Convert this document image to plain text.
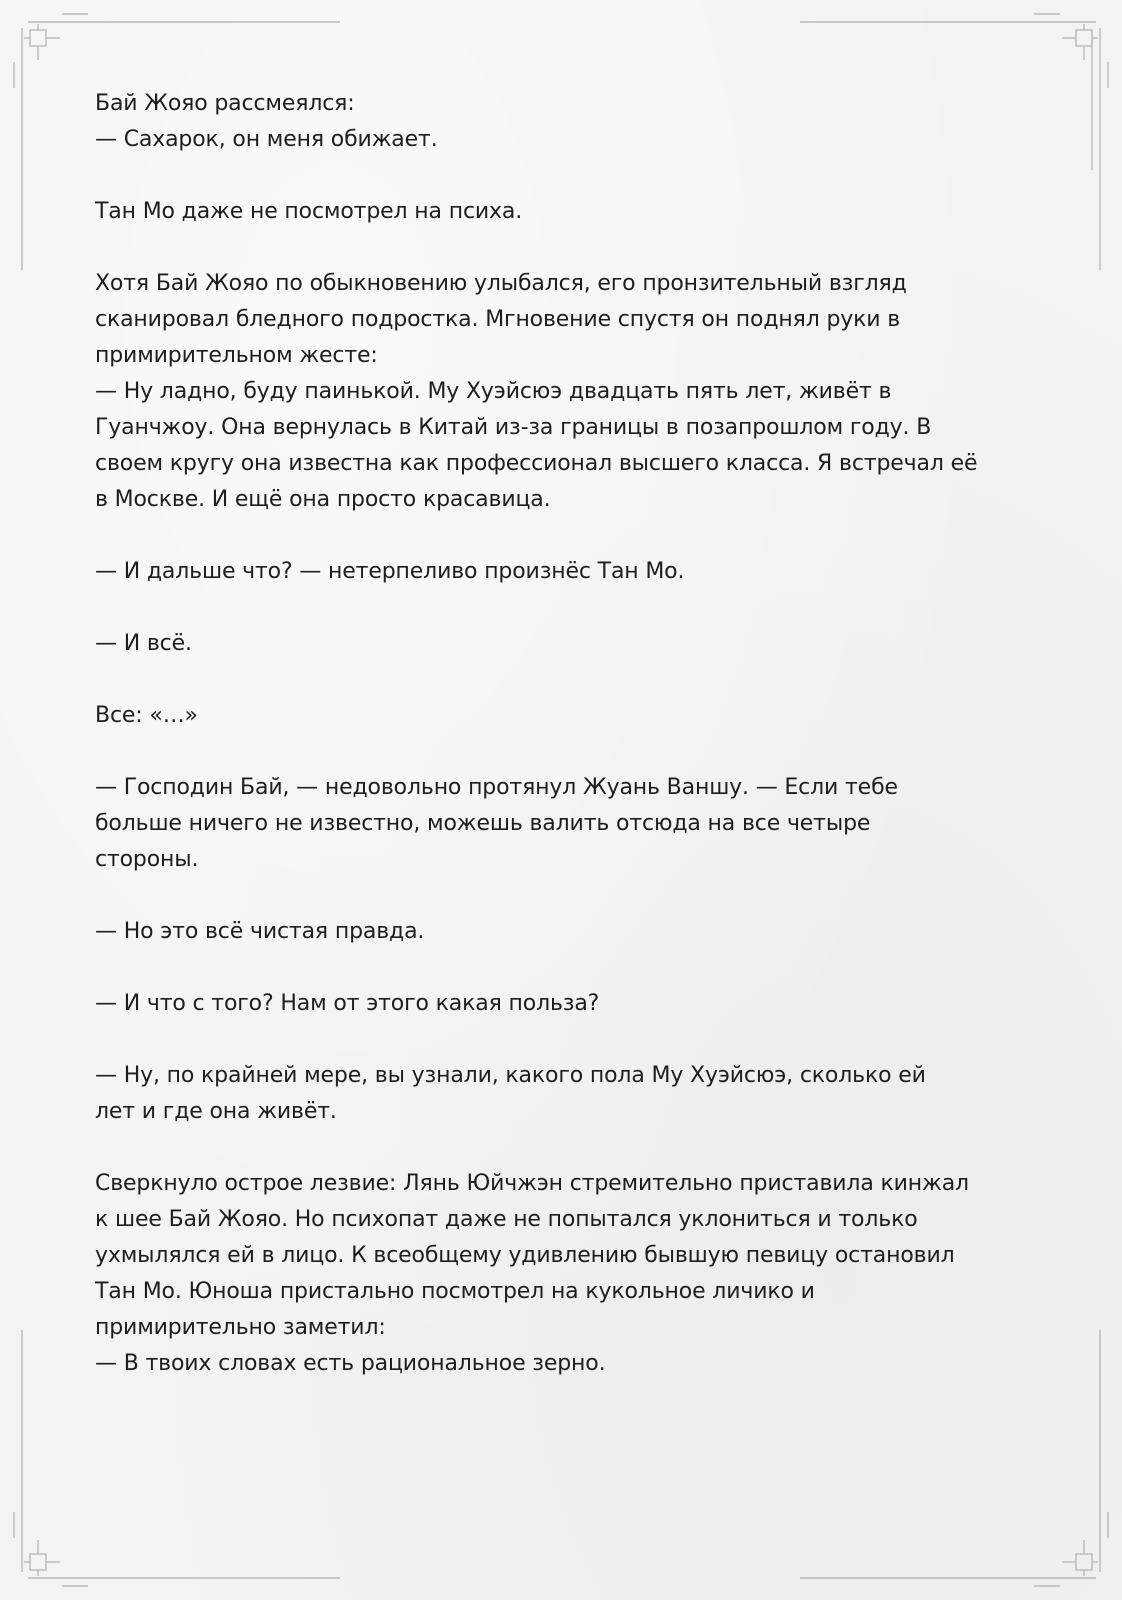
Бай Жояо рассмеялся:
— Сахарок, он меня обижает.

Тан Мо даже не посмотрел на психа.

Хотя Бай Жояо по обыкновению улыбался, его пронзительный взгляд
сканировал бледного подростка. Мгновение спустя он поднял руки в
примирительном жесте:
— Ну ладно, буду паинькой. Му Хуэйсюэ двадцать пять лет, живёт в
Гуанчжоу. Она вернулась в Китай из-за границы в позапрошлом году. В
своем кругу она известна как профессионал высшего класса. Я встречал её
в Москве. И ещё она просто красавица.

— И дальше что? — нетерпеливо произнёс Тан Мо.

— И всё.

Все: «…»

— Господин Бай, — недовольно протянул Жуань Ваншу. — Если тебе
больше ничего не известно, можешь валить отсюда на все четыре
стороны.

— Но это всё чистая правда.

— И что с того? Нам от этого какая польза?

— Ну, по крайней мере, вы узнали, какого пола Му Хуэйсюэ, сколько ей
лет и где она живёт.

Сверкнуло острое лезвие: Лянь Юйчжэн стремительно приставила кинжал
к шее Бай Жояо. Но психопат даже не попытался уклониться и только
ухмылялся ей в лицо. К всеобщему удивлению бывшую певицу остановил
Тан Мо. Юноша пристально посмотрел на кукольное личико и
примирительно заметил:
— В твоих словах есть рациональное зерно.
